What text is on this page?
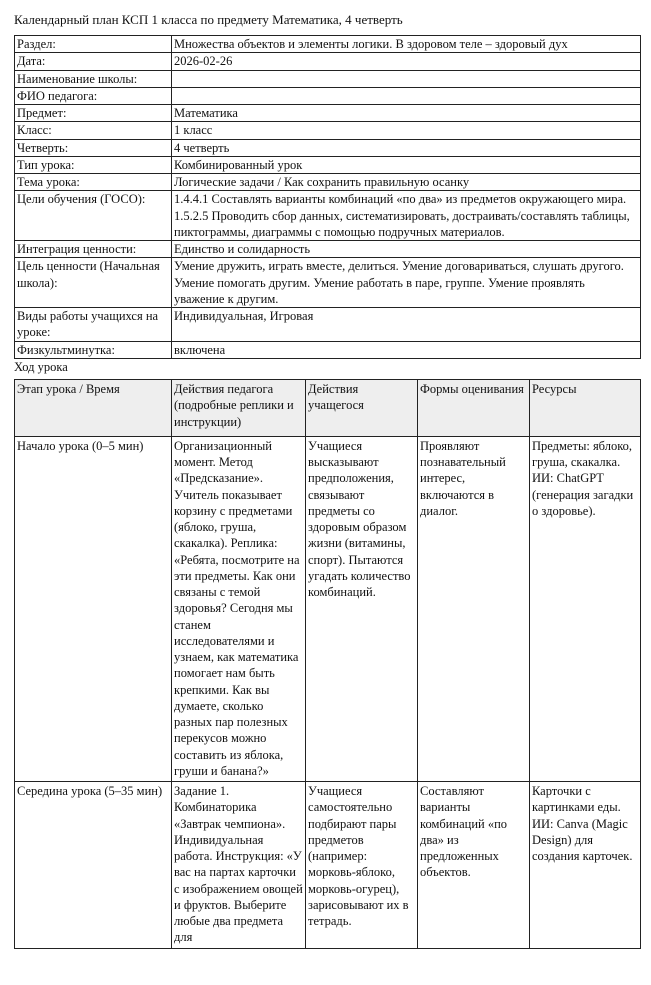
Календарный план КСП 1 класса по предмету Математика, 4 четверть
Раздел:	Множества объектов и элементы логики. В здоровом теле – здоровый дух
Дата:	2026-02-26
Наименование школы:	
ФИО педагога:	
Предмет:	Математика
Класс:	1 класс
Четверть:	4 четверть
Тип урока:	Комбинированный урок
Тема урока:	Логические задачи / Как сохранить правильную осанку
Цели обучения (ГОСО):	1.4.4.1 Составлять варианты комбинаций «по два» из предметов окружающего мира. 1.5.2.5 Проводить сбор данных, систематизировать, достраивать/составлять таблицы, пиктограммы, диаграммы с помощью подручных материалов.
Интеграция ценности:	Единство и солидарность
Цель ценности (Начальная школа):	Умение дружить, играть вместе, делиться. Умение договариваться, слушать другого. Умение помогать другим. Умение работать в паре, группе. Умение проявлять уважение к другим.
Виды работы учащихся на уроке:	Индивидуальная, Игровая
Физкультминутка:	включена
Ход урока
Этап урока / Время	Действия педагога (подробные реплики и инструкции)	Действия учащегося	Формы оценивания	Ресурсы
Начало урока (0–5 мин)	Организационный момент. Метод «Предсказание». Учитель показывает корзину с предметами (яблоко, груша, скакалка). Реплика: «Ребята, посмотрите на эти предметы. Как они связаны с темой здоровья? Сегодня мы станем исследователями и узнаем, как математика помогает нам быть крепкими. Как вы думаете, сколько разных пар полезных перекусов можно составить из яблока, груши и банана?»	Учащиеся высказывают предположения, связывают предметы со здоровым образом жизни (витамины, спорт). Пытаются угадать количество комбинаций.	Проявляют познавательный интерес, включаются в диалог.	Предметы: яблоко, груша, скакалка. ИИ: ChatGPT (генерация загадки о здоровье).
Середина урока (5–35 мин)	Задание 1. Комбинаторика «Завтрак чемпиона». Индивидуальная работа. Инструкция: «У вас на партах карточки с изображением овощей и фруктов. Выберите любые два предмета для	Учащиеся самостоятельно подбирают пары предметов (например: морковь-яблоко, морковь-огурец), зарисовывают их в тетрадь.	Составляют варианты комбинаций «по два» из предложенных объектов.	Карточки с картинками еды. ИИ: Canva (Magic Design) для создания карточек.
